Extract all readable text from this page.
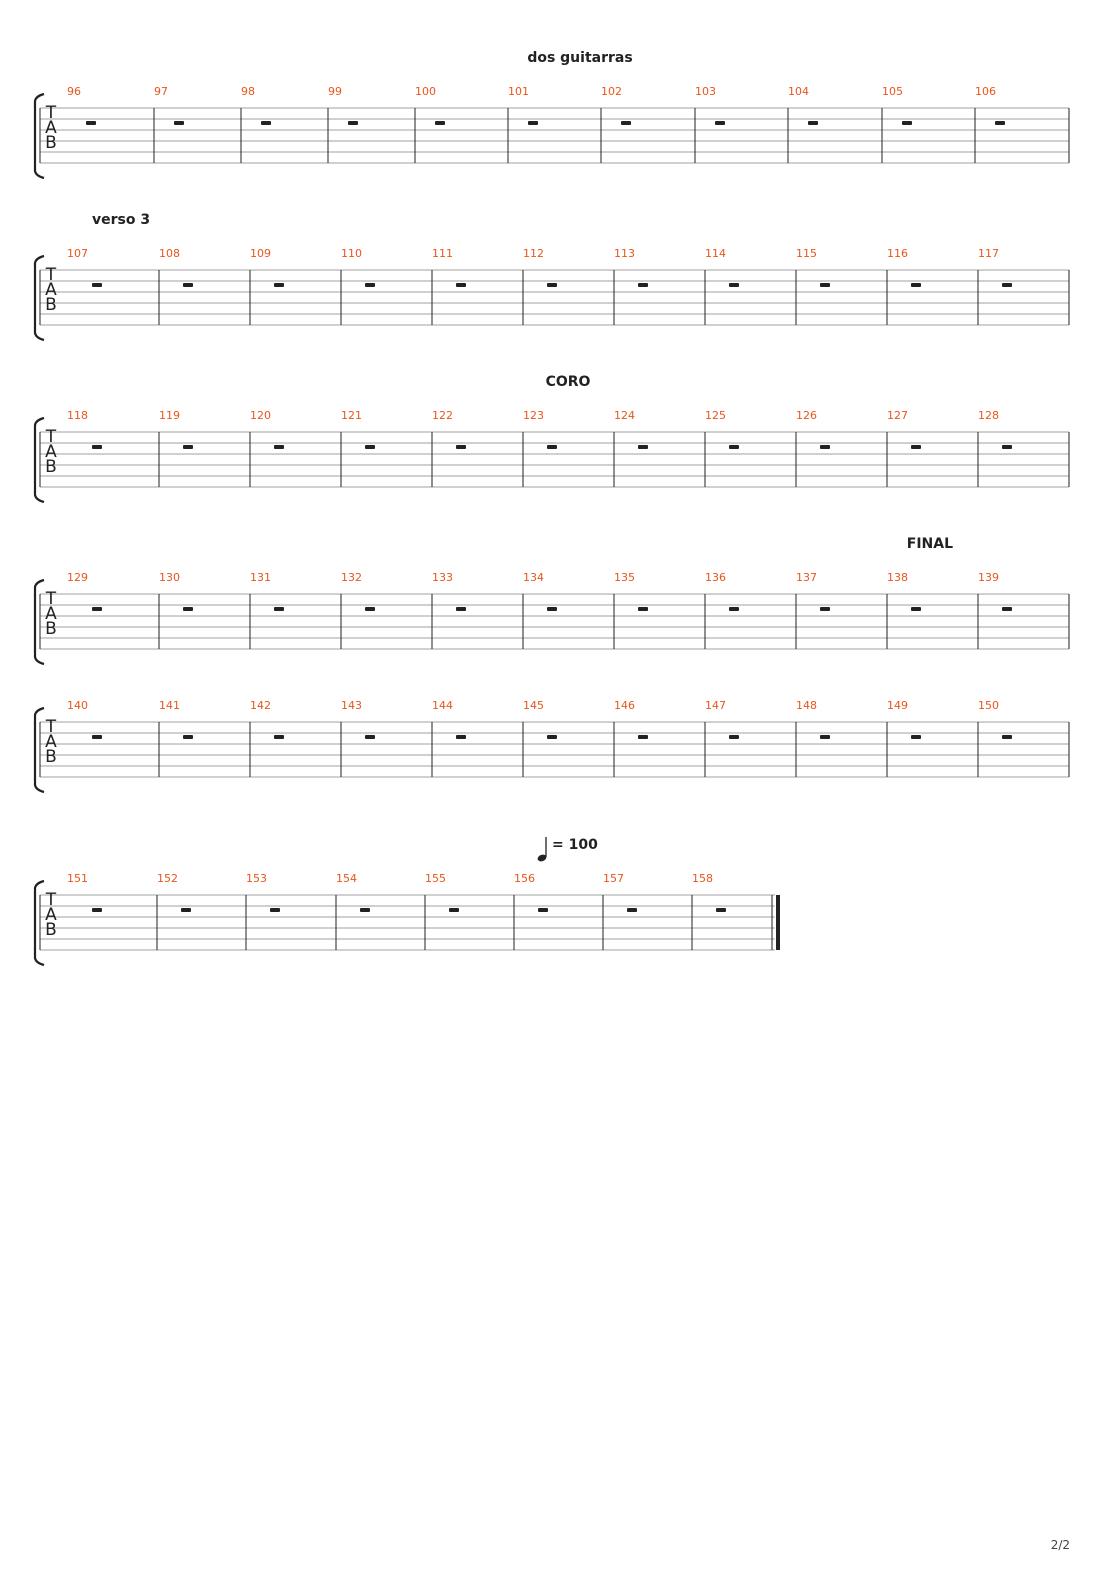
T
A
B
96	97	98	99	100	101	102	103	104	105	106
dos guitarras
T
A
B
107	108	109	110	111	112	113	114	115	116	117
verso 3
T
A
B
118	119	120	121	122	123	124	125	126	127	128
CORO
T
A
B
129	130	131	132	133	134	135	136	137	138	139
FINAL
T
A
B
140	141	142	143	144	145	146	147	148	149	150
T
A
B
151	152	153	154	155	156	157	158
= 100
2/2
